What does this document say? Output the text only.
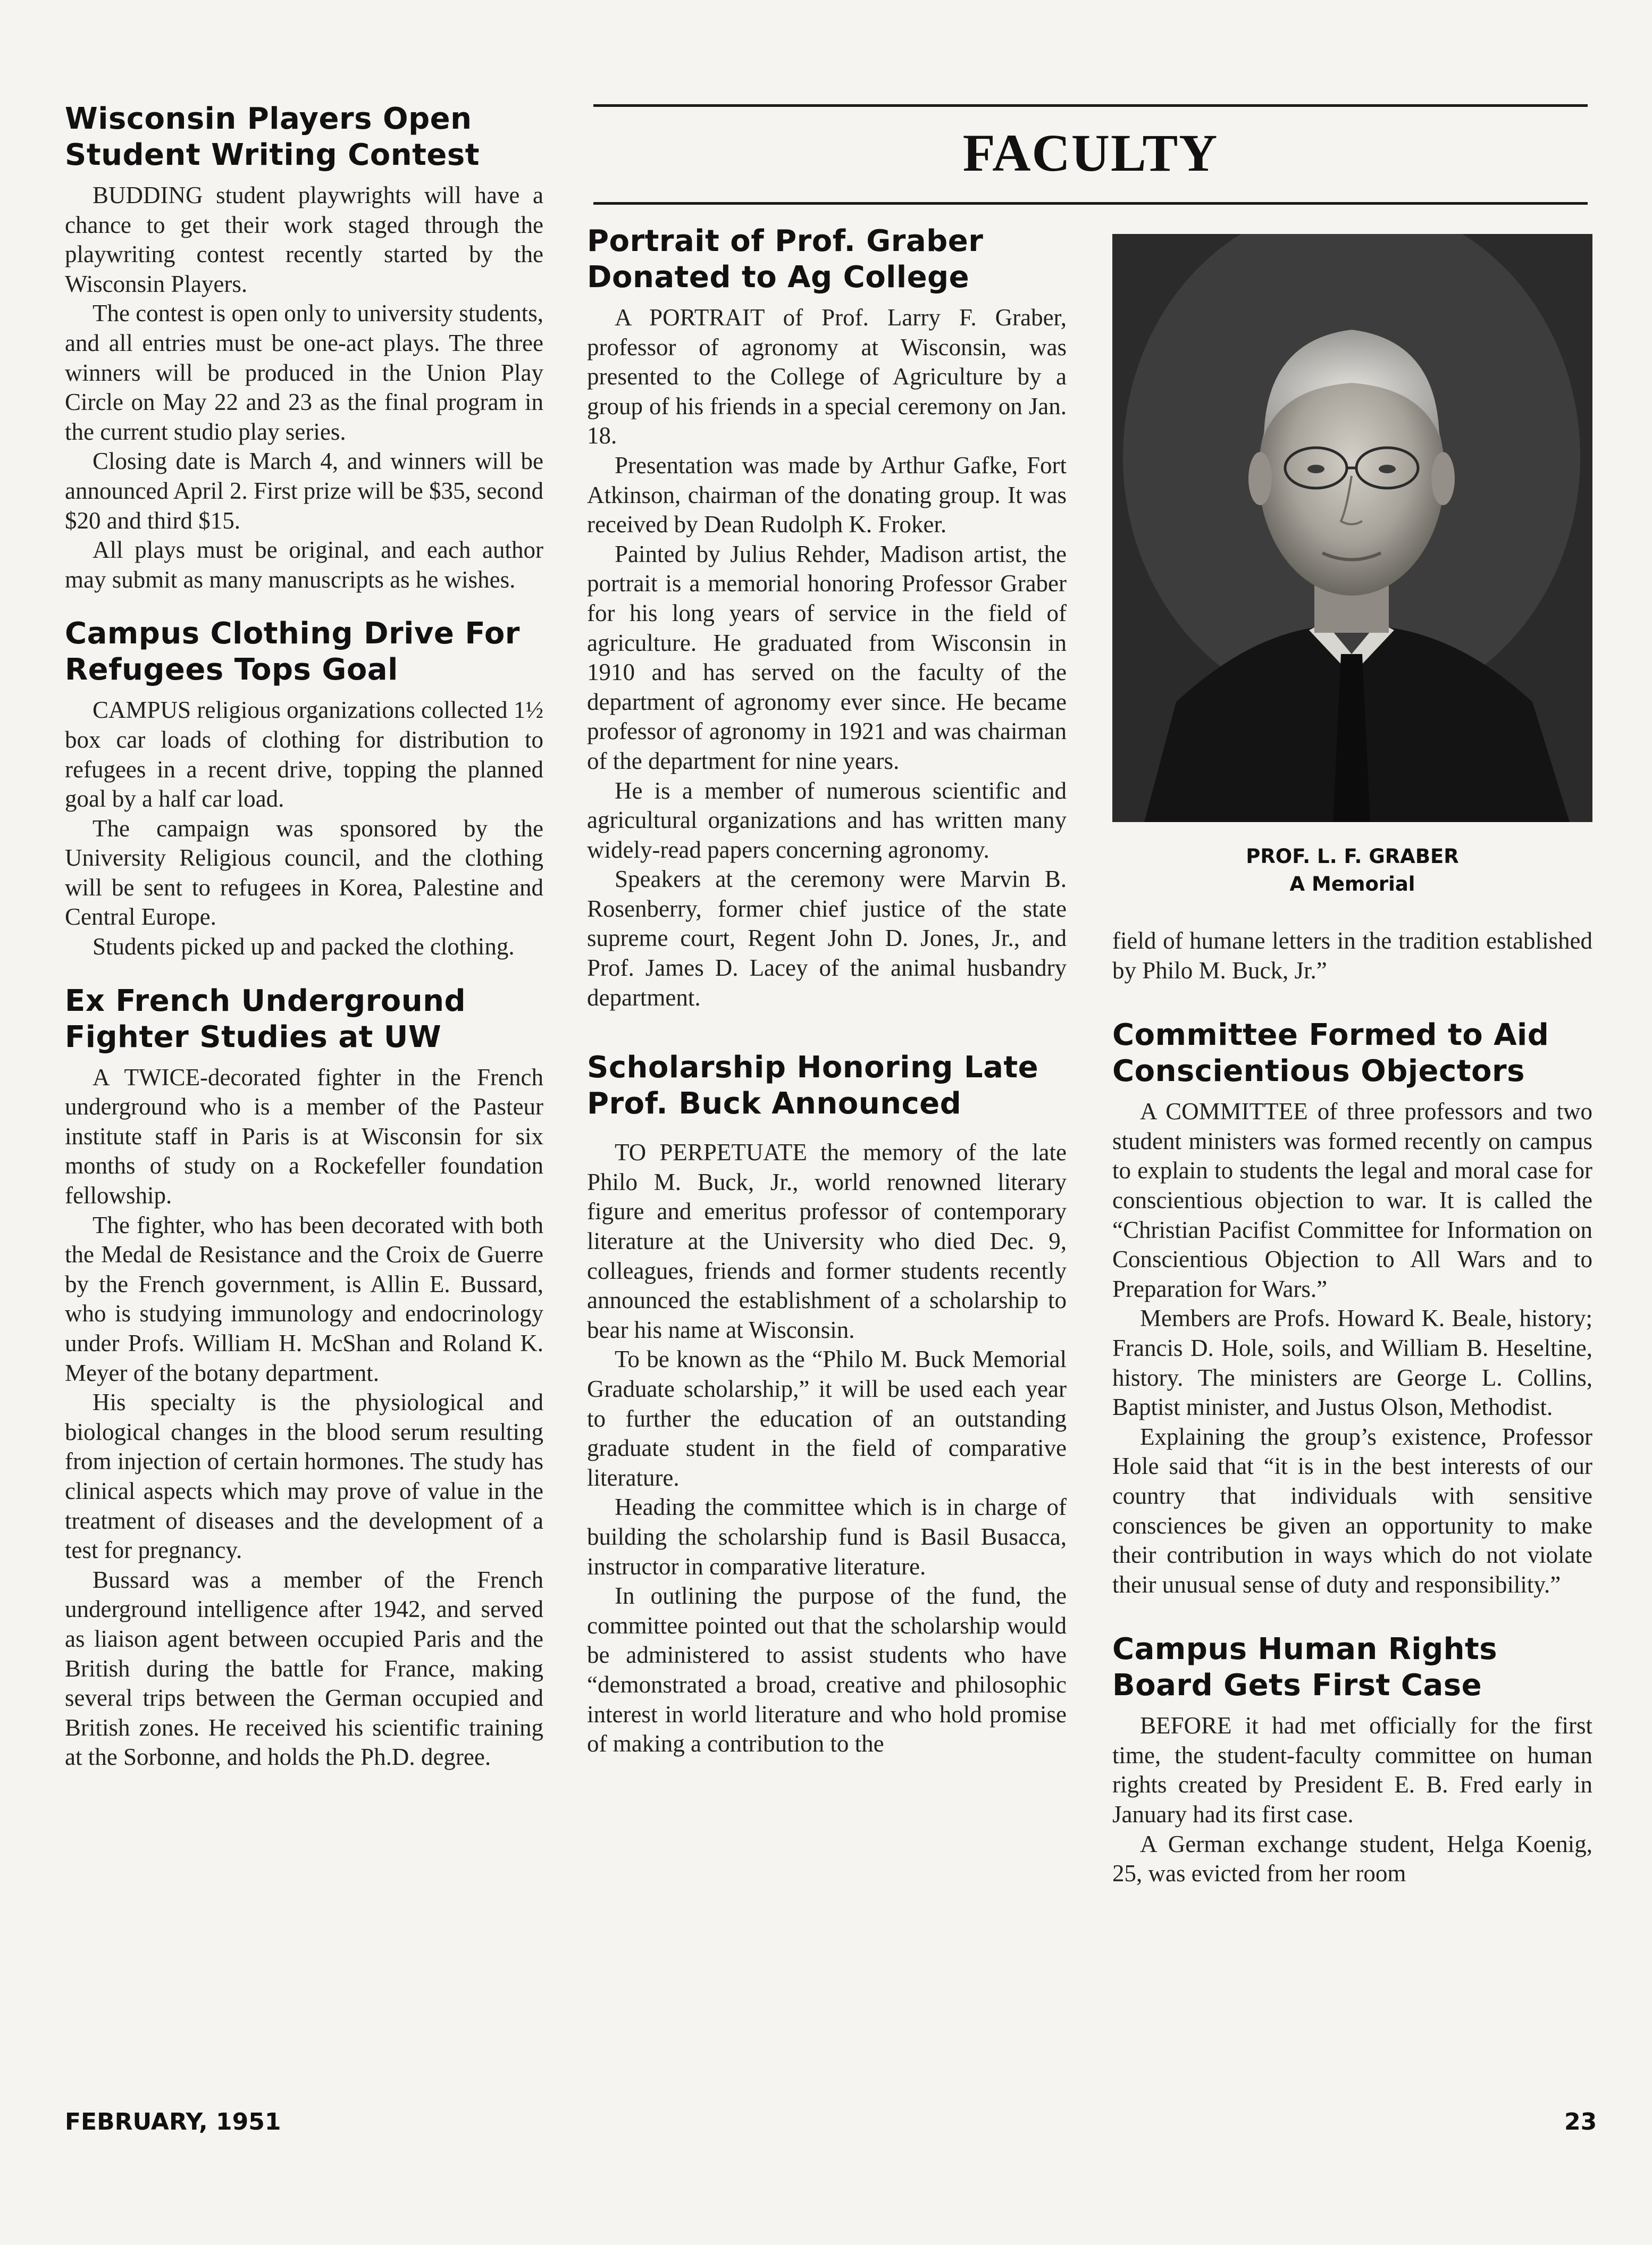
Wisconsin Players Open Student Writing Contest

BUDDING student playwrights will have a chance to get their work staged through the playwriting contest recently started by the Wisconsin Players.

The contest is open only to university students, and all entries must be one-act plays. The three winners will be produced in the Union Play Circle on May 22 and 23 as the final program in the current studio play series.

Closing date is March 4, and winners will be announced April 2. First prize will be $35, second $20 and third $15.

All plays must be original, and each author may submit as many manuscripts as he wishes.

Campus Clothing Drive For Refugees Tops Goal

CAMPUS religious organizations collected 1½ box car loads of clothing for distribution to refugees in a recent drive, topping the planned goal by a half car load.

The campaign was sponsored by the University Religious council, and the clothing will be sent to refugees in Korea, Palestine and Central Europe.

Students picked up and packed the clothing.

Ex French Underground Fighter Studies at UW

A TWICE-decorated fighter in the French underground who is a member of the Pasteur institute staff in Paris is at Wisconsin for six months of study on a Rockefeller foundation fellowship.

The fighter, who has been decorated with both the Medal de Resistance and the Croix de Guerre by the French government, is Allin E. Bussard, who is studying immunology and endocrinology under Profs. William H. McShan and Roland K. Meyer of the botany department.

His specialty is the physiological and biological changes in the blood serum resulting from injection of certain hormones. The study has clinical aspects which may prove of value in the treatment of diseases and the development of a test for pregnancy.

Bussard was a member of the French underground intelligence after 1942, and served as liaison agent between occupied Paris and the British during the battle for France, making several trips between the German occupied and British zones. He received his scientific training at the Sorbonne, and holds the Ph.D. degree.

FACULTY
Portrait of Prof. Graber Donated to Ag College

A PORTRAIT of Prof. Larry F. Graber, professor of agronomy at Wisconsin, was presented to the College of Agriculture by a group of his friends in a special ceremony on Jan. 18.

Presentation was made by Arthur Gafke, Fort Atkinson, chairman of the donating group. It was received by Dean Rudolph K. Froker.

Painted by Julius Rehder, Madison artist, the portrait is a memorial honoring Professor Graber for his long years of service in the field of agriculture. He graduated from Wisconsin in 1910 and has served on the faculty of the department of agronomy ever since. He became professor of agronomy in 1921 and was chairman of the department for nine years.

He is a member of numerous scientific and agricultural organizations and has written many widely-read papers concerning agronomy.

Speakers at the ceremony were Marvin B. Rosenberry, former chief justice of the state supreme court, Regent John D. Jones, Jr., and Prof. James D. Lacey of the animal husbandry department.

Scholarship Honoring Late Prof. Buck Announced

TO PERPETUATE the memory of the late Philo M. Buck, Jr., world renowned literary figure and emeritus professor of contemporary literature at the University who died Dec. 9, colleagues, friends and former students recently announced the establishment of a scholarship to bear his name at Wisconsin.

To be known as the “Philo M. Buck Memorial Graduate scholarship,” it will be used each year to further the education of an outstanding graduate student in the field of comparative literature.

Heading the committee which is in charge of building the scholarship fund is Basil Busacca, instructor in comparative literature.

In outlining the purpose of the fund, the committee pointed out that the scholarship would be administered to assist students who have “demonstrated a broad, creative and philosophic interest in world literature and who hold promise of making a contribution to the

PROF. L. F. GRABER
A Memorial

field of humane letters in the tradition established by Philo M. Buck, Jr.”

Committee Formed to Aid Conscientious Objectors

A COMMITTEE of three professors and two student ministers was formed recently on campus to explain to students the legal and moral case for conscientious objection to war. It is called the “Christian Pacifist Committee for Information on Conscientious Objection to All Wars and to Preparation for Wars.”

Members are Profs. Howard K. Beale, history; Francis D. Hole, soils, and William B. Heseltine, history. The ministers are George L. Collins, Baptist minister, and Justus Olson, Methodist.

Explaining the group’s existence, Professor Hole said that “it is in the best interests of our country that individuals with sensitive consciences be given an opportunity to make their contribution in ways which do not violate their unusual sense of duty and responsibility.”

Campus Human Rights Board Gets First Case

BEFORE it had met officially for the first time, the student-faculty committee on human rights created by President E. B. Fred early in January had its first case.

A German exchange student, Helga Koenig, 25, was evicted from her room

FEBRUARY, 1951	23
